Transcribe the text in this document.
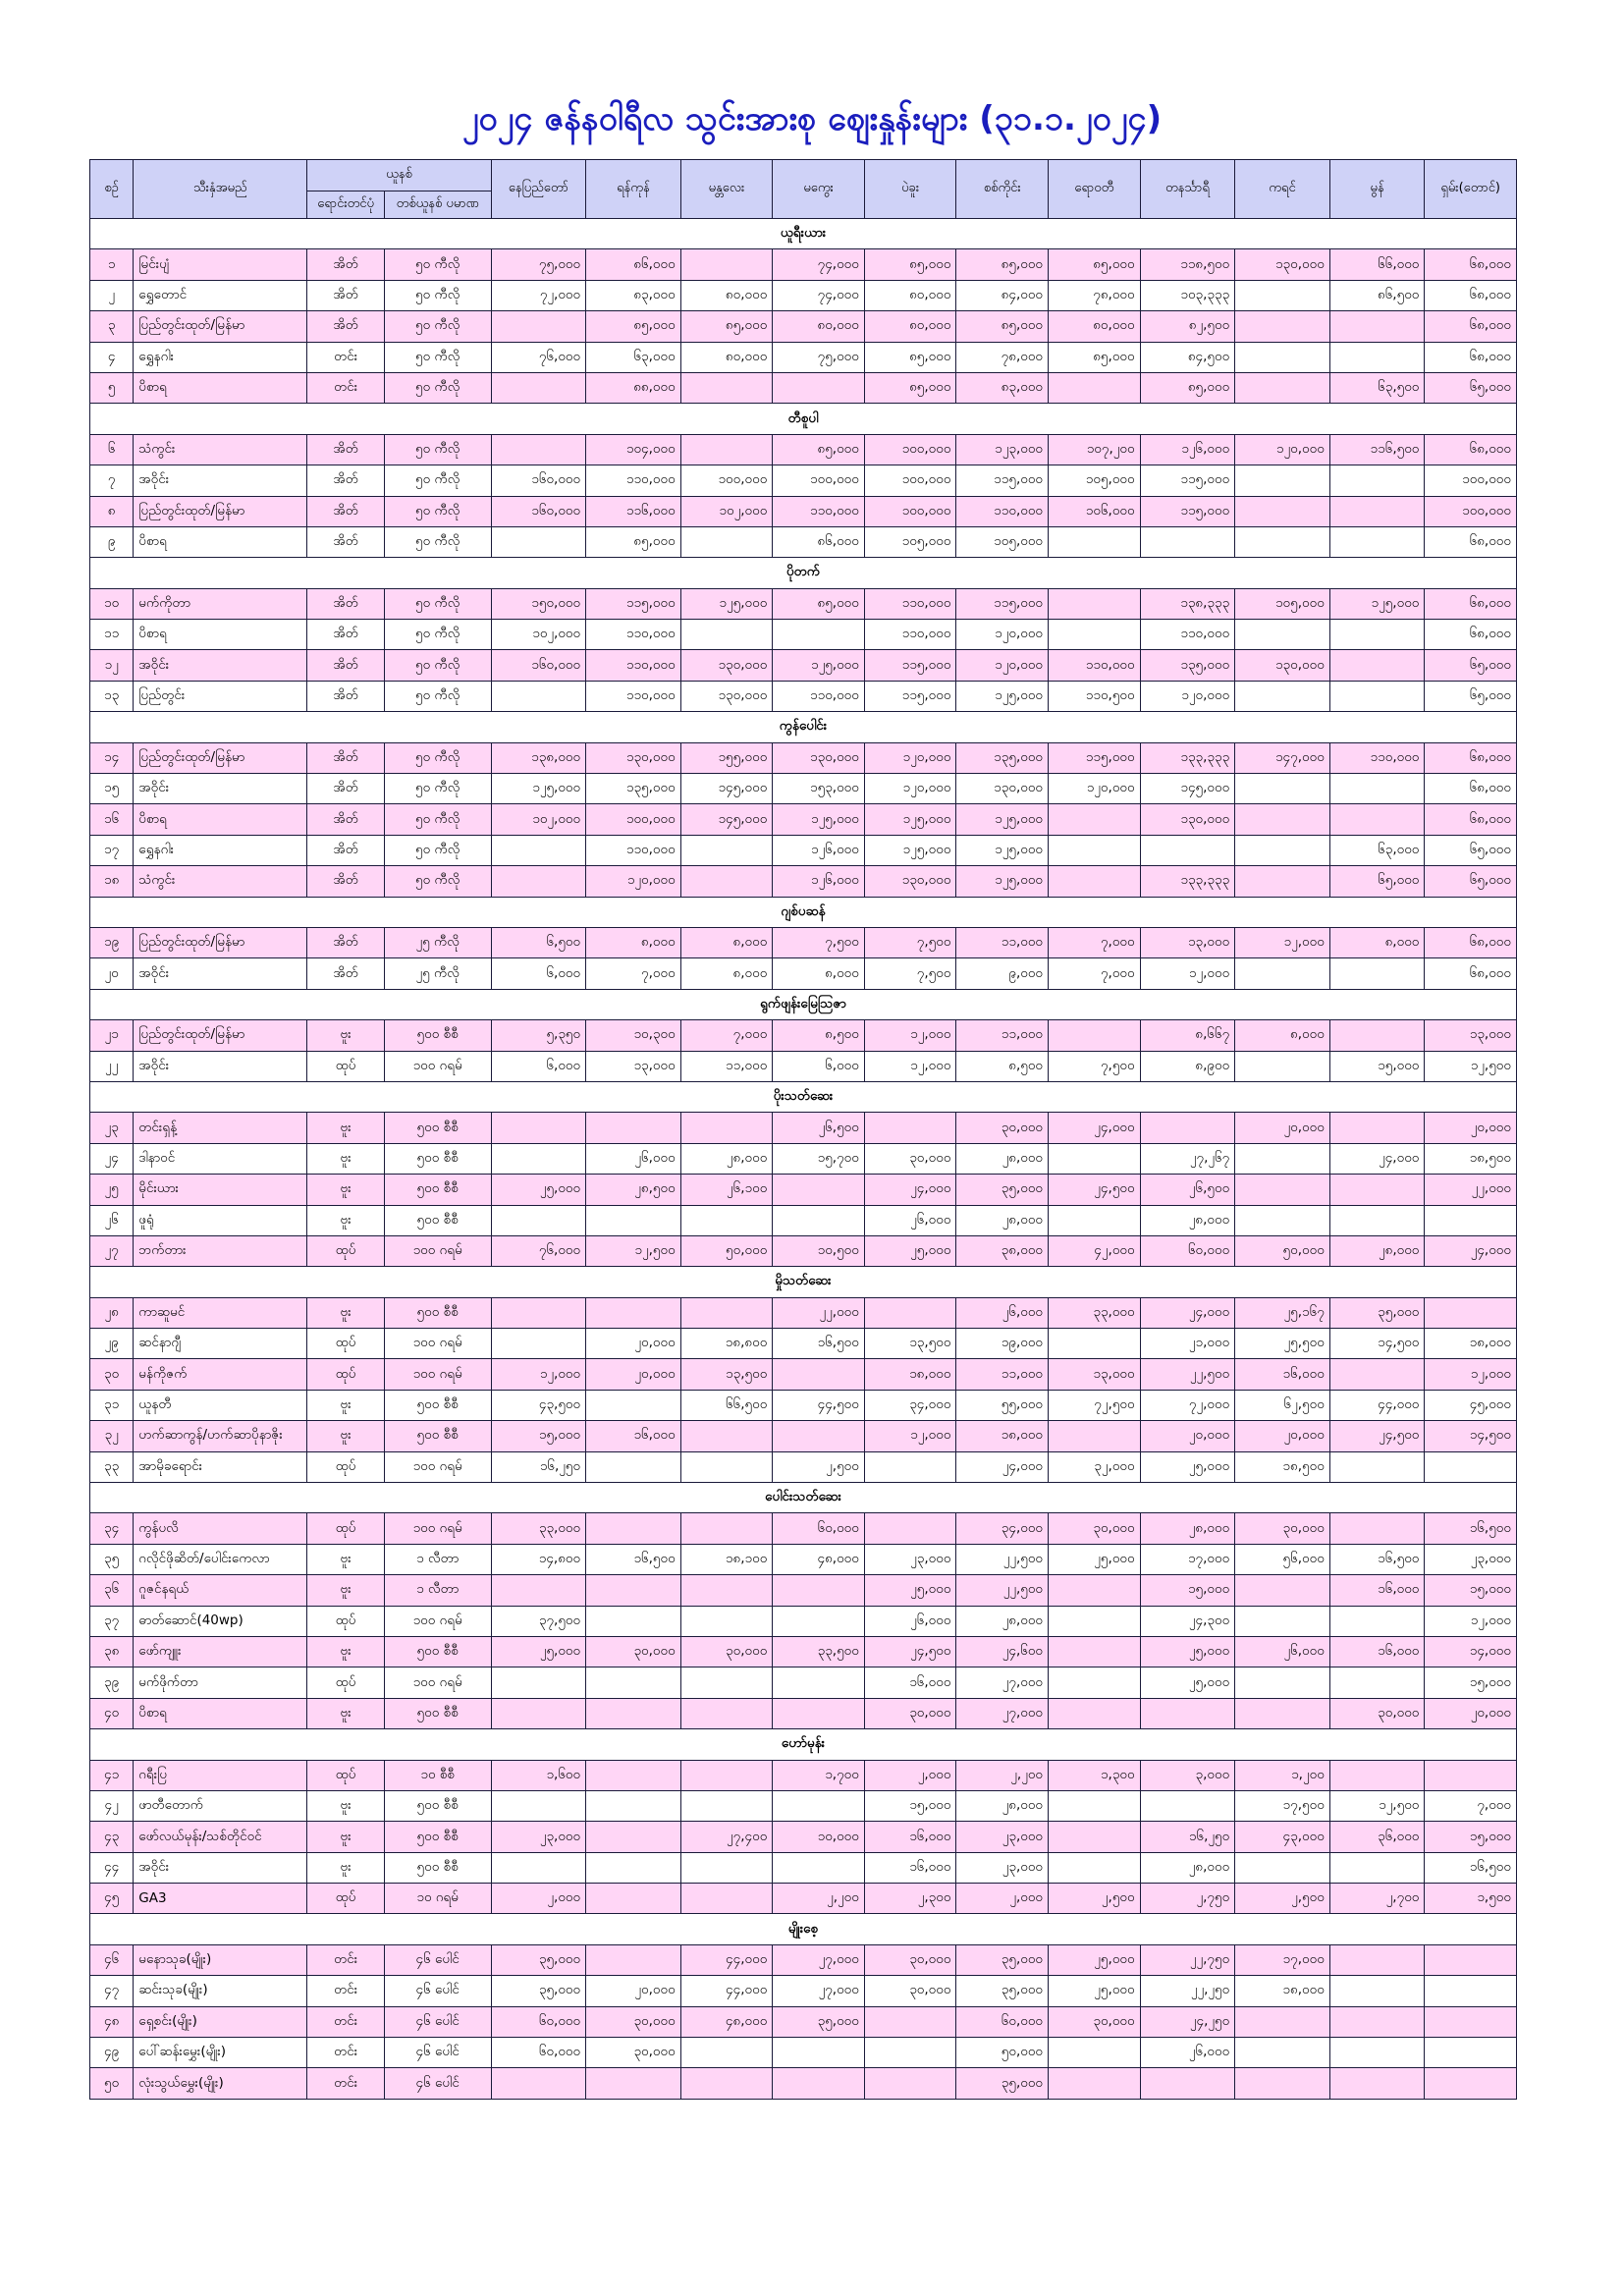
၂၀၂၄ ဇန်နဝါရီလ သွင်းအားစု ဈေးနှုန်းများ (၃၁.၁.၂၀၂၄)
စဉ်	သီးနှံအမည်	ယူနစ်		နေပြည်တော်	ရန်ကုန်	မန္တလေး	မကွေး	ပဲခူး	စစ်ကိုင်း	ရောဝတီ	တနင်္သာရီ	ကရင်	မွန်	ရှမ်း(တောင်)
		ရောင်းတင်ပုံ	တစ်ယူနစ် ပမာဏ											
ယူရီးယား														
၁	မြင်းပျံ	အိတ်	၅၀ ကီလို	၇၅,၀၀၀	၈၆,၀၀၀		၇၄,၀၀၀	၈၅,၀၀၀	၈၅,၀၀၀	၈၅,၀၀၀	၁၁၈,၅၀၀	၁၃၀,၀၀၀	၆၆,၀၀၀	၆၈,၀၀၀
၂	ရွှေတောင်	အိတ်	၅၀ ကီလို	၇၂,၀၀၀	၈၃,၀၀၀	၈၀,၀၀၀	၇၄,၀၀၀	၈၀,၀၀၀	၈၄,၀၀၀	၇၈,၀၀၀	၁၀၃,၃၃၃		၈၆,၅၀၀	၆၈,၀၀၀
၃	ပြည်တွင်းထုတ်/မြန်မာ	အိတ်	၅၀ ကီလို		၈၅,၀၀၀	၈၅,၀၀၀	၈၀,၀၀၀	၈၀,၀၀၀	၈၅,၀၀၀	၈၀,၀၀၀	၈၂,၅၀၀			၆၈,၀၀၀
၄	ရွှေနဂါး	တင်း	၅၀ ကီလို	၇၆,၀၀၀	၆၃,၀၀၀	၈၀,၀၀၀	၇၅,၀၀၀	၈၅,၀၀၀	၇၈,၀၀၀	၈၅,၀၀၀	၈၄,၅၀၀			၆၈,၀၀၀
၅	ပိစာရ	တင်း	၅၀ ကီလို		၈၈,၀၀၀			၈၅,၀၀၀	၈၃,၀၀၀		၈၅,၀၀၀		၆၃,၅၀၀	၆၅,၀၀၀
တီစူပါ														
၆	သံကွင်း	အိတ်	၅၀ ကီလို		၁၀၄,၀၀၀		၈၅,၀၀၀	၁၀၀,၀၀၀	၁၂၃,၀၀၀	၁၀၇,၂၀၀	၁၂၆,၀၀၀	၁၂၀,၀၀၀	၁၁၆,၅၀၀	၆၈,၀၀၀
၇	အဝိုင်း	အိတ်	၅၀ ကီလို	၁၆၀,၀၀၀	၁၁၀,၀၀၀	၁၀၀,၀၀၀	၁၀၀,၀၀၀	၁၀၀,၀၀၀	၁၁၅,၀၀၀	၁၀၅,၀၀၀	၁၁၅,၀၀၀			၁၀၀,၀၀၀
၈	ပြည်တွင်းထုတ်/မြန်မာ	အိတ်	၅၀ ကီလို	၁၆၀,၀၀၀	၁၁၆,၀၀၀	၁၀၂,၀၀၀	၁၁၀,၀၀၀	၁၀၀,၀၀၀	၁၁၀,၀၀၀	၁၀၆,၀၀၀	၁၁၅,၀၀၀			၁၀၀,၀၀၀
၉	ပိစာရ	အိတ်	၅၀ ကီလို		၈၅,၀၀၀		၈၆,၀၀၀	၁၀၅,၀၀၀	၁၀၅,၀၀၀					၆၈,၀၀၀
ပိုတက်														
၁၀	မက်ကိုတာ	အိတ်	၅၀ ကီလို	၁၅၀,၀၀၀	၁၁၅,၀၀၀	၁၂၅,၀၀၀	၈၅,၀၀၀	၁၁၀,၀၀၀	၁၁၅,၀၀၀		၁၃၈,၃၃၃	၁၀၅,၀၀၀	၁၂၅,၀၀၀	၆၈,၀၀၀
၁၁	ပိစာရ	အိတ်	၅၀ ကီလို	၁၀၂,၀၀၀	၁၁၀,၀၀၀			၁၁၀,၀၀၀	၁၂၀,၀၀၀		၁၁၀,၀၀၀			၆၈,၀၀၀
၁၂	အဝိုင်း	အိတ်	၅၀ ကီလို	၁၆၀,၀၀၀	၁၁၀,၀၀၀	၁၃၀,၀၀၀	၁၂၅,၀၀၀	၁၁၅,၀၀၀	၁၂၀,၀၀၀	၁၁၀,၀၀၀	၁၃၅,၀၀၀	၁၃၀,၀၀၀		၆၅,၀၀၀
၁၃	ပြည်တွင်း	အိတ်	၅၀ ကီလို		၁၁၀,၀၀၀	၁၃၀,၀၀၀	၁၁၀,၀၀၀	၁၁၅,၀၀၀	၁၂၅,၀၀၀	၁၁၀,၅၀၀	၁၂၀,၀၀၀			၆၅,၀၀၀
ကွန်ပေါင်း														
၁၄	ပြည်တွင်းထုတ်/မြန်မာ	အိတ်	၅၀ ကီလို	၁၃၈,၀၀၀	၁၃၀,၀၀၀	၁၅၅,၀၀၀	၁၃၀,၀၀၀	၁၂၀,၀၀၀	၁၃၅,၀၀၀	၁၁၅,၀၀၀	၁၃၃,၃၃၃	၁၄၇,၀၀၀	၁၁၀,၀၀၀	၆၈,၀၀၀
၁၅	အဝိုင်း	အိတ်	၅၀ ကီလို	၁၂၅,၀၀၀	၁၃၅,၀၀၀	၁၄၅,၀၀၀	၁၅၃,၀၀၀	၁၂၀,၀၀၀	၁၃၀,၀၀၀	၁၂၀,၀၀၀	၁၄၅,၀၀၀			၆၈,၀၀၀
၁၆	ပိစာရ	အိတ်	၅၀ ကီလို	၁၀၂,၀၀၀	၁၀၀,၀၀၀	၁၄၅,၀၀၀	၁၂၅,၀၀၀	၁၂၅,၀၀၀	၁၂၅,၀၀၀		၁၃၀,၀၀၀			၆၈,၀၀၀
၁၇	ရွှေနဂါး	အိတ်	၅၀ ကီလို		၁၁၀,၀၀၀		၁၂၆,၀၀၀	၁၂၅,၀၀၀	၁၂၅,၀၀၀				၆၃,၀၀၀	၆၅,၀၀၀
၁၈	သံကွင်း	အိတ်	၅၀ ကီလို		၁၂၀,၀၀၀		၁၂၆,၀၀၀	၁၃၀,၀၀၀	၁၂၅,၀၀၀		၁၃၃,၃၃၃		၆၅,၀၀၀	၆၅,၀၀၀
ဂျစ်ပဆန်														
၁၉	ပြည်တွင်းထုတ်/မြန်မာ	အိတ်	၂၅ ကီလို	၆,၅၀၀	၈,၀၀၀	၈,၀၀၀	၇,၅၀၀	၇,၅၀၀	၁၁,၀၀၀	၇,၀၀၀	၁၃,၀၀၀	၁၂,၀၀၀	၈,၀၀၀	၆၈,၀၀၀
၂၀	အဝိုင်း	အိတ်	၂၅ ကီလို	၆,၀၀၀	၇,၀၀၀	၈,၀၀၀	၈,၀၀၀	၇,၅၀၀	၉,၀၀၀	၇,၀၀၀	၁၂,၀၀၀			၆၈,၀၀၀
ရွက်ဖျန်းမြေဩဇာ														
၂၁	ပြည်တွင်းထုတ်/မြန်မာ	ဗူး	၅၀၀ စီစီ	၅,၃၅၀	၁၀,၃၀၀	၇,၀၀၀	၈,၅၀၀	၁၂,၀၀၀	၁၁,၀၀၀		၈,၆၆၇	၈,၀၀၀		၁၃,၀၀၀
၂၂	အဝိုင်း	ထုပ်	၁၀၀ ဂရမ်	၆,၀၀၀	၁၃,၀၀၀	၁၁,၀၀၀	၆,၀၀၀	၁၂,၀၀၀	၈,၅၀၀	၇,၅၀၀	၈,၉၀၀		၁၅,၀၀၀	၁၂,၅၀၀
ပိုးသတ်ဆေး														
၂၃	တင်းရှန့်	ဗူး	၅၀၀ စီစီ				၂၆,၅၀၀		၃၀,၀၀၀	၂၄,၀၀၀		၂၀,၀၀၀		၂၀,၀၀၀
၂၄	ဒါနာဝင်	ဗူး	၅၀၀ စီစီ		၂၆,၀၀၀	၂၈,၀၀၀	၁၅,၇၀၀	၃၀,၀၀၀	၂၈,၀၀၀		၂၇,၂၆၇		၂၄,၀၀၀	၁၈,၅၀၀
၂၅	မိုင်းယား	ဗူး	၅၀၀ စီစီ	၂၅,၀၀၀	၂၈,၅၀၀	၂၆,၁၀၀		၂၄,၀၀၀	၃၅,၀၀၀	၂၄,၅၀၀	၂၆,၅၀၀			၂၂,၀၀၀
၂၆	ဖူရုံ	ဗူး	၅၀၀ စီစီ					၂၆,၀၀၀	၂၈,၀၀၀		၂၈,၀၀၀			
၂၇	ဘက်တား	ထုပ်	၁၀၀ ဂရမ်	၇၆,၀၀၀	၁၂,၅၀၀	၅၀,၀၀၀	၁၀,၅၀၀	၂၅,၀၀၀	၃၈,၀၀၀	၄၂,၀၀၀	၆၀,၀၀၀	၅၀,၀၀၀	၂၈,၀၀၀	၂၄,၀၀၀
မှိုသတ်ဆေး														
၂၈	ကာဆူမင်	ဗူး	၅၀၀ စီစီ				၂၂,၀၀၀		၂၆,၀၀၀	၃၃,၀၀၀	၂၄,၀၀၀	၂၅,၁၆၇	၃၅,၀၀၀	
၂၉	ဆင်နာဂျီ	ထုပ်	၁၀၀ ဂရမ်		၂၀,၀၀၀	၁၈,၈၀၀	၁၆,၅၀၀	၁၃,၅၀၀	၁၉,၀၀၀		၂၁,၀၀၀	၂၅,၅၀၀	၁၄,၅၀၀	၁၈,၀၀၀
၃၀	မန်ကိုဇက်	ထုပ်	၁၀၀ ဂရမ်	၁၂,၀၀၀	၂၀,၀၀၀	၁၃,၅၀၀		၁၈,၀၀၀	၁၁,၀၀၀	၁၃,၀၀၀	၂၂,၅၀၀	၁၆,၀၀၀		၁၂,၀၀၀
၃၁	ယူနတီ	ဗူး	၅၀၀ စီစီ	၄၃,၅၀၀		၆၆,၅၀၀	၄၄,၅၀၀	၃၄,၀၀၀	၅၅,၀၀၀	၇၂,၅၀၀	၇၂,၀၀၀	၆၂,၅၀၀	၄၄,၀၀၀	၄၅,၀၀၀
၃၂	ဟက်ဆာကွန်/ဟက်ဆာပိုနာဇိုး	ဗူး	၅၀၀ စီစီ	၁၅,၀၀၀	၁၆,၀၀၀			၁၂,၀၀၀	၁၈,၀၀၀		၂၀,၀၀၀	၂၀,၀၀၀	၂၄,၅၀၀	၁၄,၅၀၀
၃၃	အာမိုခရောင်း	ထုပ်	၁၀၀ ဂရမ်	၁၆,၂၅၀			၂,၅၀၀		၂၄,၀၀၀	၃၂,၀၀၀	၂၅,၀၀၀	၁၈,၅၀၀		
ပေါင်းသတ်ဆေး														
၃၄	ကွန်ပလိ	ထုပ်	၁၀၀ ဂရမ်	၃၃,၀၀၀			၆၀,၀၀၀		၃၄,၀၀၀	၃၀,၀၀၀	၂၈,၀၀၀	၃၀,၀၀၀		၁၆,၅၀၀
၃၅	ဂလိုင်ဖိုဆိတ်/ပေါင်းကေလာ	ဗူး	၁ လီတာ	၁၄,၈၀၀	၁၆,၅၀၀	၁၈,၁၀၀	၄၈,၀၀၀	၂၃,၀၀၀	၂၂,၅၀၀	၂၅,၀၀၀	၁၇,၀၀၀	၅၆,၀၀၀	၁၆,၅၀၀	၂၃,၀၀၀
၃၆	ဂူဇင်နရယ်	ဗူး	၁ လီတာ					၂၅,၀၀၀	၂၂,၅၀၀		၁၅,၀၀၀		၁၆,၀၀၀	၁၅,၀၀၀
၃၇	ဓာတ်ဆောင်(40wp)	ထုပ်	၁၀၀ ဂရမ်	၃၇,၅၀၀				၂၆,၀၀၀	၂၈,၀၀၀		၂၄,၃၀၀			၁၂,၀၀၀
၃၈	ဖော်ကျူး	ဗူး	၅၀၀ စီစီ	၂၅,၀၀၀	၃၀,၀၀၀	၃၀,၀၀၀	၃၃,၅၀၀	၂၄,၅၀၀	၂၄,၆၀၀		၂၅,၀၀၀	၂၆,၀၀၀	၁၆,၀၀၀	၁၄,၀၀၀
၃၉	မက်ဖိုက်တာ	ထုပ်	၁၀၀ ဂရမ်					၁၆,၀၀၀	၂၇,၀၀၀		၂၅,၀၀၀			၁၅,၀၀၀
၄၀	ပိစာရ	ဗူး	၅၀၀ စီစီ					၃၀,၀၀၀	၂၇,၀၀၀				၃၀,၀၀၀	၂၀,၀၀၀
ဟော်မုန်း														
၄၁	ဂရီးပြ	ထုပ်	၁၀ စီစီ	၁,၆၀၀			၁,၇၀၀	၂,၀၀၀	၂,၂၀၀	၁,၃၀၀	၃,၀၀၀	၁,၂၀၀		
၄၂	ဖာတီတောက်	ဗူး	၅၀၀ စီစီ					၁၅,၀၀၀	၂၈,၀၀၀			၁၇,၅၀၀	၁၂,၅၀၀	၇,၀၀၀
၄၃	ဖော်လယ်မုန်း/သစ်တိုင်ဝင်	ဗူး	၅၀၀ စီစီ	၂၃,၀၀၀		၂၇,၄၀၀	၁၀,၀၀၀	၁၆,၀၀၀	၂၃,၀၀၀		၁၆,၂၅၀	၄၃,၀၀၀	၃၆,၀၀၀	၁၅,၀၀၀
၄၄	အဝိုင်း	ဗူး	၅၀၀ စီစီ					၁၆,၀၀၀	၂၃,၀၀၀		၂၈,၀၀၀			၁၆,၅၀၀
၄၅	GA3	ထုပ်	၁၀ ဂရမ်	၂,၀၀၀			၂,၂၀၀	၂,၃၀၀	၂,၀၀၀	၂,၅၀၀	၂,၇၅၀	၂,၅၀၀	၂,၇၀၀	၁,၅၀၀
မျိုးစေ့														
၄၆	မနောသုခ(မျိုး)	တင်း	၄၆ ပေါင်	၃၅,၀၀၀		၄၄,၀၀၀	၂၇,၀၀၀	၃၀,၀၀၀	၃၅,၀၀၀	၂၅,၀၀၀	၂၂,၇၅၀	၁၇,၀၀၀		
၄၇	ဆင်းသုခ(မျိုး)	တင်း	၄၆ ပေါင်	၃၅,၀၀၀	၂၀,၀၀၀	၄၄,၀၀၀	၂၇,၀၀၀	၃၀,၀၀၀	၃၅,၀၀၀	၂၅,၀၀၀	၂၂,၂၅၀	၁၈,၀၀၀		
၄၈	ရှေ့စင်း(မျိုး)	တင်း	၄၆ ပေါင်	၆၀,၀၀၀	၃၀,၀၀၀	၄၈,၀၀၀	၃၅,၀၀၀		၆၀,၀၀၀	၃၀,၀၀၀	၂၄,၂၅၀			
၄၉	ပေါ်ဆန်းမွှေး(မျိုး)	တင်း	၄၆ ပေါင်	၆၀,၀၀၀	၃၀,၀၀၀				၅၀,၀၀၀		၂၆,၀၀၀			
၅၀	လုံးသွယ်မွှေး(မျိုး)	တင်း	၄၆ ပေါင်						၃၅,၀၀၀					
